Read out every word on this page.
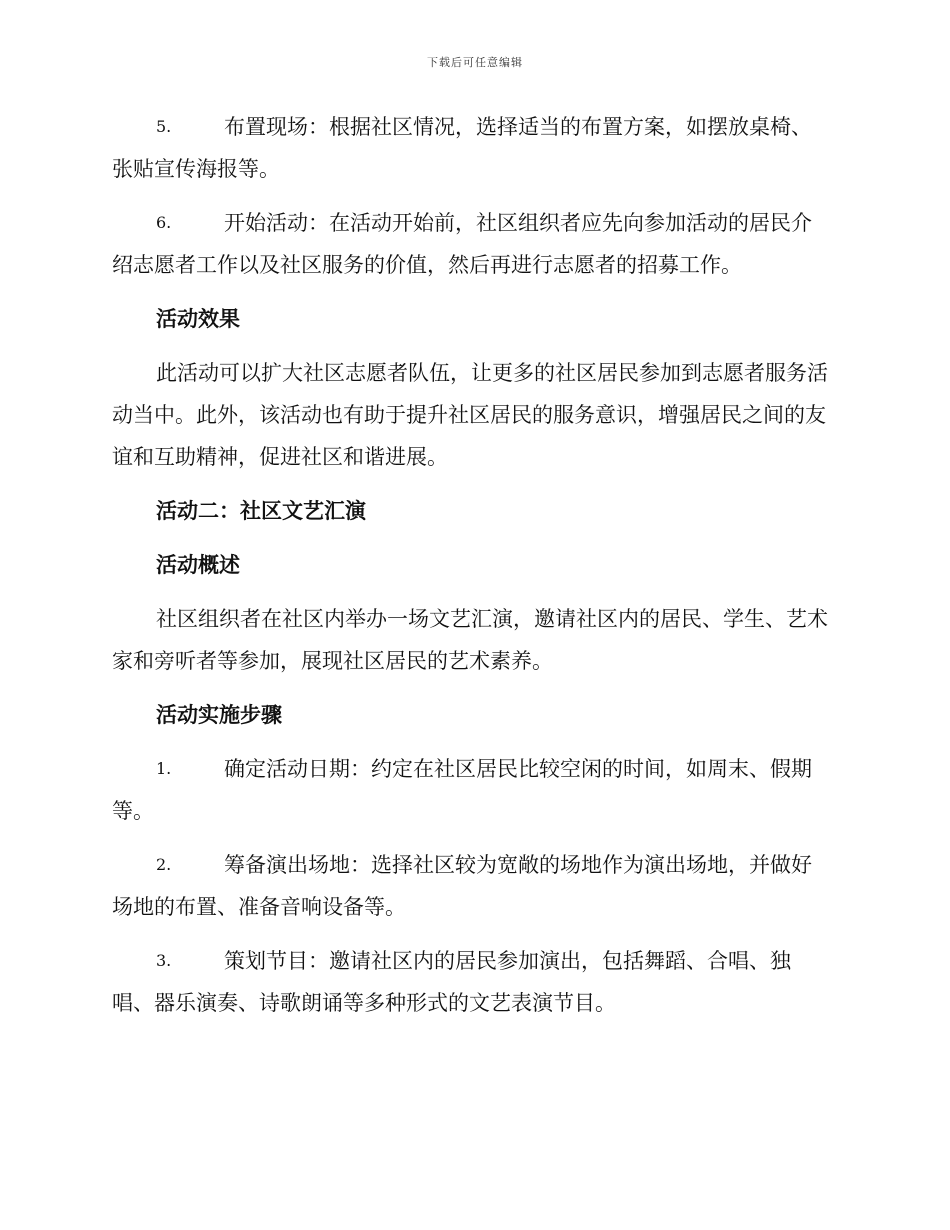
下载后可任意编辑
5.	布置现场：根据社区情况，选择适当的布置方案，如摆放桌椅、张贴宣传海报等。
6.	开始活动：在活动开始前，社区组织者应先向参加活动的居民介绍志愿者工作以及社区服务的价值，然后再进行志愿者的招募工作。
活动效果
此活动可以扩大社区志愿者队伍，让更多的社区居民参加到志愿者服务活动当中。此外，该活动也有助于提升社区居民的服务意识，增强居民之间的友谊和互助精神，促进社区和谐进展。
活动二：社区文艺汇演
活动概述
社区组织者在社区内举办一场文艺汇演，邀请社区内的居民、学生、艺术家和旁听者等参加，展现社区居民的艺术素养。
活动实施步骤
1.	确定活动日期：约定在社区居民比较空闲的时间，如周末、假期等。
2.	筹备演出场地：选择社区较为宽敞的场地作为演出场地，并做好场地的布置、准备音响设备等。
3.	策划节目：邀请社区内的居民参加演出，包括舞蹈、合唱、独唱、器乐演奏、诗歌朗诵等多种形式的文艺表演节目。
